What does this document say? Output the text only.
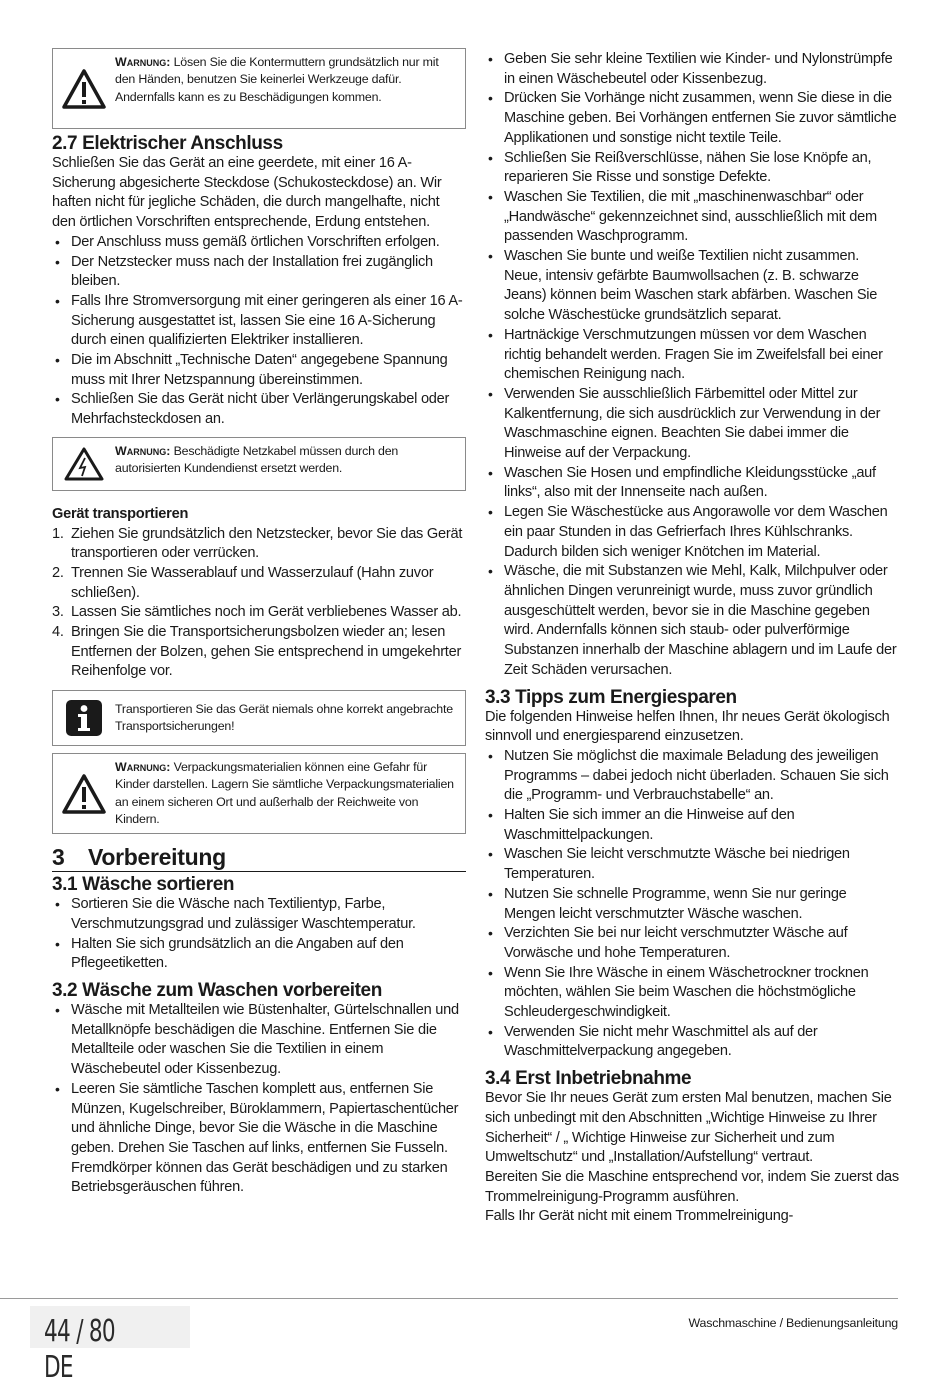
Warnung: Lösen Sie die Kontermuttern grundsätzlich nur mit den Händen, benutzen Sie keinerlei Werkzeuge dafür. Andernfalls kann es zu Beschädigungen kommen.
2.7 Elektrischer Anschluss
Schließen Sie das Gerät an eine geerdete, mit einer 16 A-Sicherung abgesicherte Steckdose (Schukosteckdose) an. Wir haften nicht für jegliche Schäden, die durch mangelhafte, nicht den örtlichen Vorschriften entsprechende, Erdung entstehen.
• Der Anschluss muss gemäß örtlichen Vorschriften erfolgen.
• Der Netzstecker muss nach der Installation frei zugänglich bleiben.
• Falls Ihre Stromversorgung mit einer geringeren als einer 16 A-Sicherung ausgestattet ist, lassen Sie eine 16 A-Sicherung durch einen qualifizierten Elektriker installieren.
• Die im Abschnitt „Technische Daten“ angegebene Spannung muss mit Ihrer Netzspannung übereinstimmen.
• Schließen Sie das Gerät nicht über Verlängerungskabel oder Mehrfachsteckdosen an.
Warnung: Beschädigte Netzkabel müssen durch den autorisierten Kundendienst ersetzt werden.
Gerät transportieren
1. Ziehen Sie grundsätzlich den Netzstecker, bevor Sie das Gerät transportieren oder verrücken.
2. Trennen Sie Wasserablauf und Wasserzulauf (Hahn zuvor schließen).
3. Lassen Sie sämtliches noch im Gerät verbliebenes Wasser ab.
4. Bringen Sie die Transportsicherungsbolzen wieder an; lesen Entfernen der Bolzen, gehen Sie entsprechend in umgekehrter Reihenfolge vor.
Transportieren Sie das Gerät niemals ohne korrekt angebrachte Transportsicherungen!
Warnung: Verpackungsmaterialien können eine Gefahr für Kinder darstellen. Lagern Sie sämtliche Verpackungsmaterialien an einem sicheren Ort und außerhalb der Reichweite von Kindern.
3 Vorbereitung
3.1 Wäsche sortieren
• Sortieren Sie die Wäsche nach Textilientyp, Farbe, Verschmutzungsgrad und zulässiger Waschtemperatur.
• Halten Sie sich grundsätzlich an die Angaben auf den Pflegeetiketten.
3.2 Wäsche zum Waschen vorbereiten
• Wäsche mit Metallteilen wie Büstenhalter, Gürtelschnallen und Metallknöpfe beschädigen die Maschine. Entfernen Sie die Metallteile oder waschen Sie die Textilien in einem Wäschebeutel oder Kissenbezug.
• Leeren Sie sämtliche Taschen komplett aus, entfernen Sie Münzen, Kugelschreiber, Büroklammern, Papiertaschentücher und ähnliche Dinge, bevor Sie die Wäsche in die Maschine geben. Drehen Sie Taschen auf links, entfernen Sie Fusseln. Fremdkörper können das Gerät beschädigen und zu starken Betriebsgeräuschen führen.
• Geben Sie sehr kleine Textilien wie Kinder- und Nylonstrümpfe in einen Wäschebeutel oder Kissenbezug.
• Drücken Sie Vorhänge nicht zusammen, wenn Sie diese in die Maschine geben. Bei Vorhängen entfernen Sie zuvor sämtliche Applikationen und sonstige nicht textile Teile.
• Schließen Sie Reißverschlüsse, nähen Sie lose Knöpfe an, reparieren Sie Risse und sonstige Defekte.
• Waschen Sie Textilien, die mit „maschinenwaschbar“ oder „Handwäsche“ gekennzeichnet sind, ausschließlich mit dem passenden Waschprogramm.
• Waschen Sie bunte und weiße Textilien nicht zusammen. Neue, intensiv gefärbte Baumwollsachen (z. B. schwarze Jeans) können beim Waschen stark abfärben. Waschen Sie solche Wäschestücke grundsätzlich separat.
• Hartnäckige Verschmutzungen müssen vor dem Waschen richtig behandelt werden. Fragen Sie im Zweifelsfall bei einer chemischen Reinigung nach.
• Verwenden Sie ausschließlich Färbemittel oder Mittel zur Kalkentfernung, die sich ausdrücklich zur Verwendung in der Waschmaschine eignen. Beachten Sie dabei immer die Hinweise auf der Verpackung.
• Waschen Sie Hosen und empfindliche Kleidungsstücke „auf links“, also mit der Innenseite nach außen.
• Legen Sie Wäschestücke aus Angorawolle vor dem Waschen ein paar Stunden in das Gefrierfach Ihres Kühlschranks. Dadurch bilden sich weniger Knötchen im Material.
• Wäsche, die mit Substanzen wie Mehl, Kalk, Milchpulver oder ähnlichen Dingen verunreinigt wurde, muss zuvor gründlich ausgeschüttelt werden, bevor sie in die Maschine gegeben wird. Andernfalls können sich staub- oder pulverförmige Substanzen innerhalb der Maschine ablagern und im Laufe der Zeit Schäden verursachen.
3.3 Tipps zum Energiesparen
Die folgenden Hinweise helfen Ihnen, Ihr neues Gerät ökologisch sinnvoll und energiesparend einzusetzen.
• Nutzen Sie möglichst die maximale Beladung des jeweiligen Programms – dabei jedoch nicht überladen. Schauen Sie sich die „Programm- und Verbrauchstabelle“ an.
• Halten Sie sich immer an die Hinweise auf den Waschmittelpackungen.
• Waschen Sie leicht verschmutzte Wäsche bei niedrigen Temperaturen.
• Nutzen Sie schnelle Programme, wenn Sie nur geringe Mengen leicht verschmutzter Wäsche waschen.
• Verzichten Sie bei nur leicht verschmutzter Wäsche auf Vorwäsche und hohe Temperaturen.
• Wenn Sie Ihre Wäsche in einem Wäschetrockner trocknen möchten, wählen Sie beim Waschen die höchstmögliche Schleudergeschwindigkeit.
• Verwenden Sie nicht mehr Waschmittel als auf der Waschmittelverpackung angegeben.
3.4 Erst Inbetriebnahme
Bevor Sie Ihr neues Gerät zum ersten Mal benutzen, machen Sie sich unbedingt mit den Abschnitten „Wichtige Hinweise zu Ihrer Sicherheit“ / „ Wichtige Hinweise zur Sicherheit und zum Umweltschutz“ und „Installation/Aufstellung“ vertraut.
Bereiten Sie die Maschine entsprechend vor, indem Sie zuerst das Trommelreinigung-Programm ausführen.
Falls Ihr Gerät nicht mit einem Trommelreinigung-
44 / 80 DE
Waschmaschine / Bedienungsanleitung
